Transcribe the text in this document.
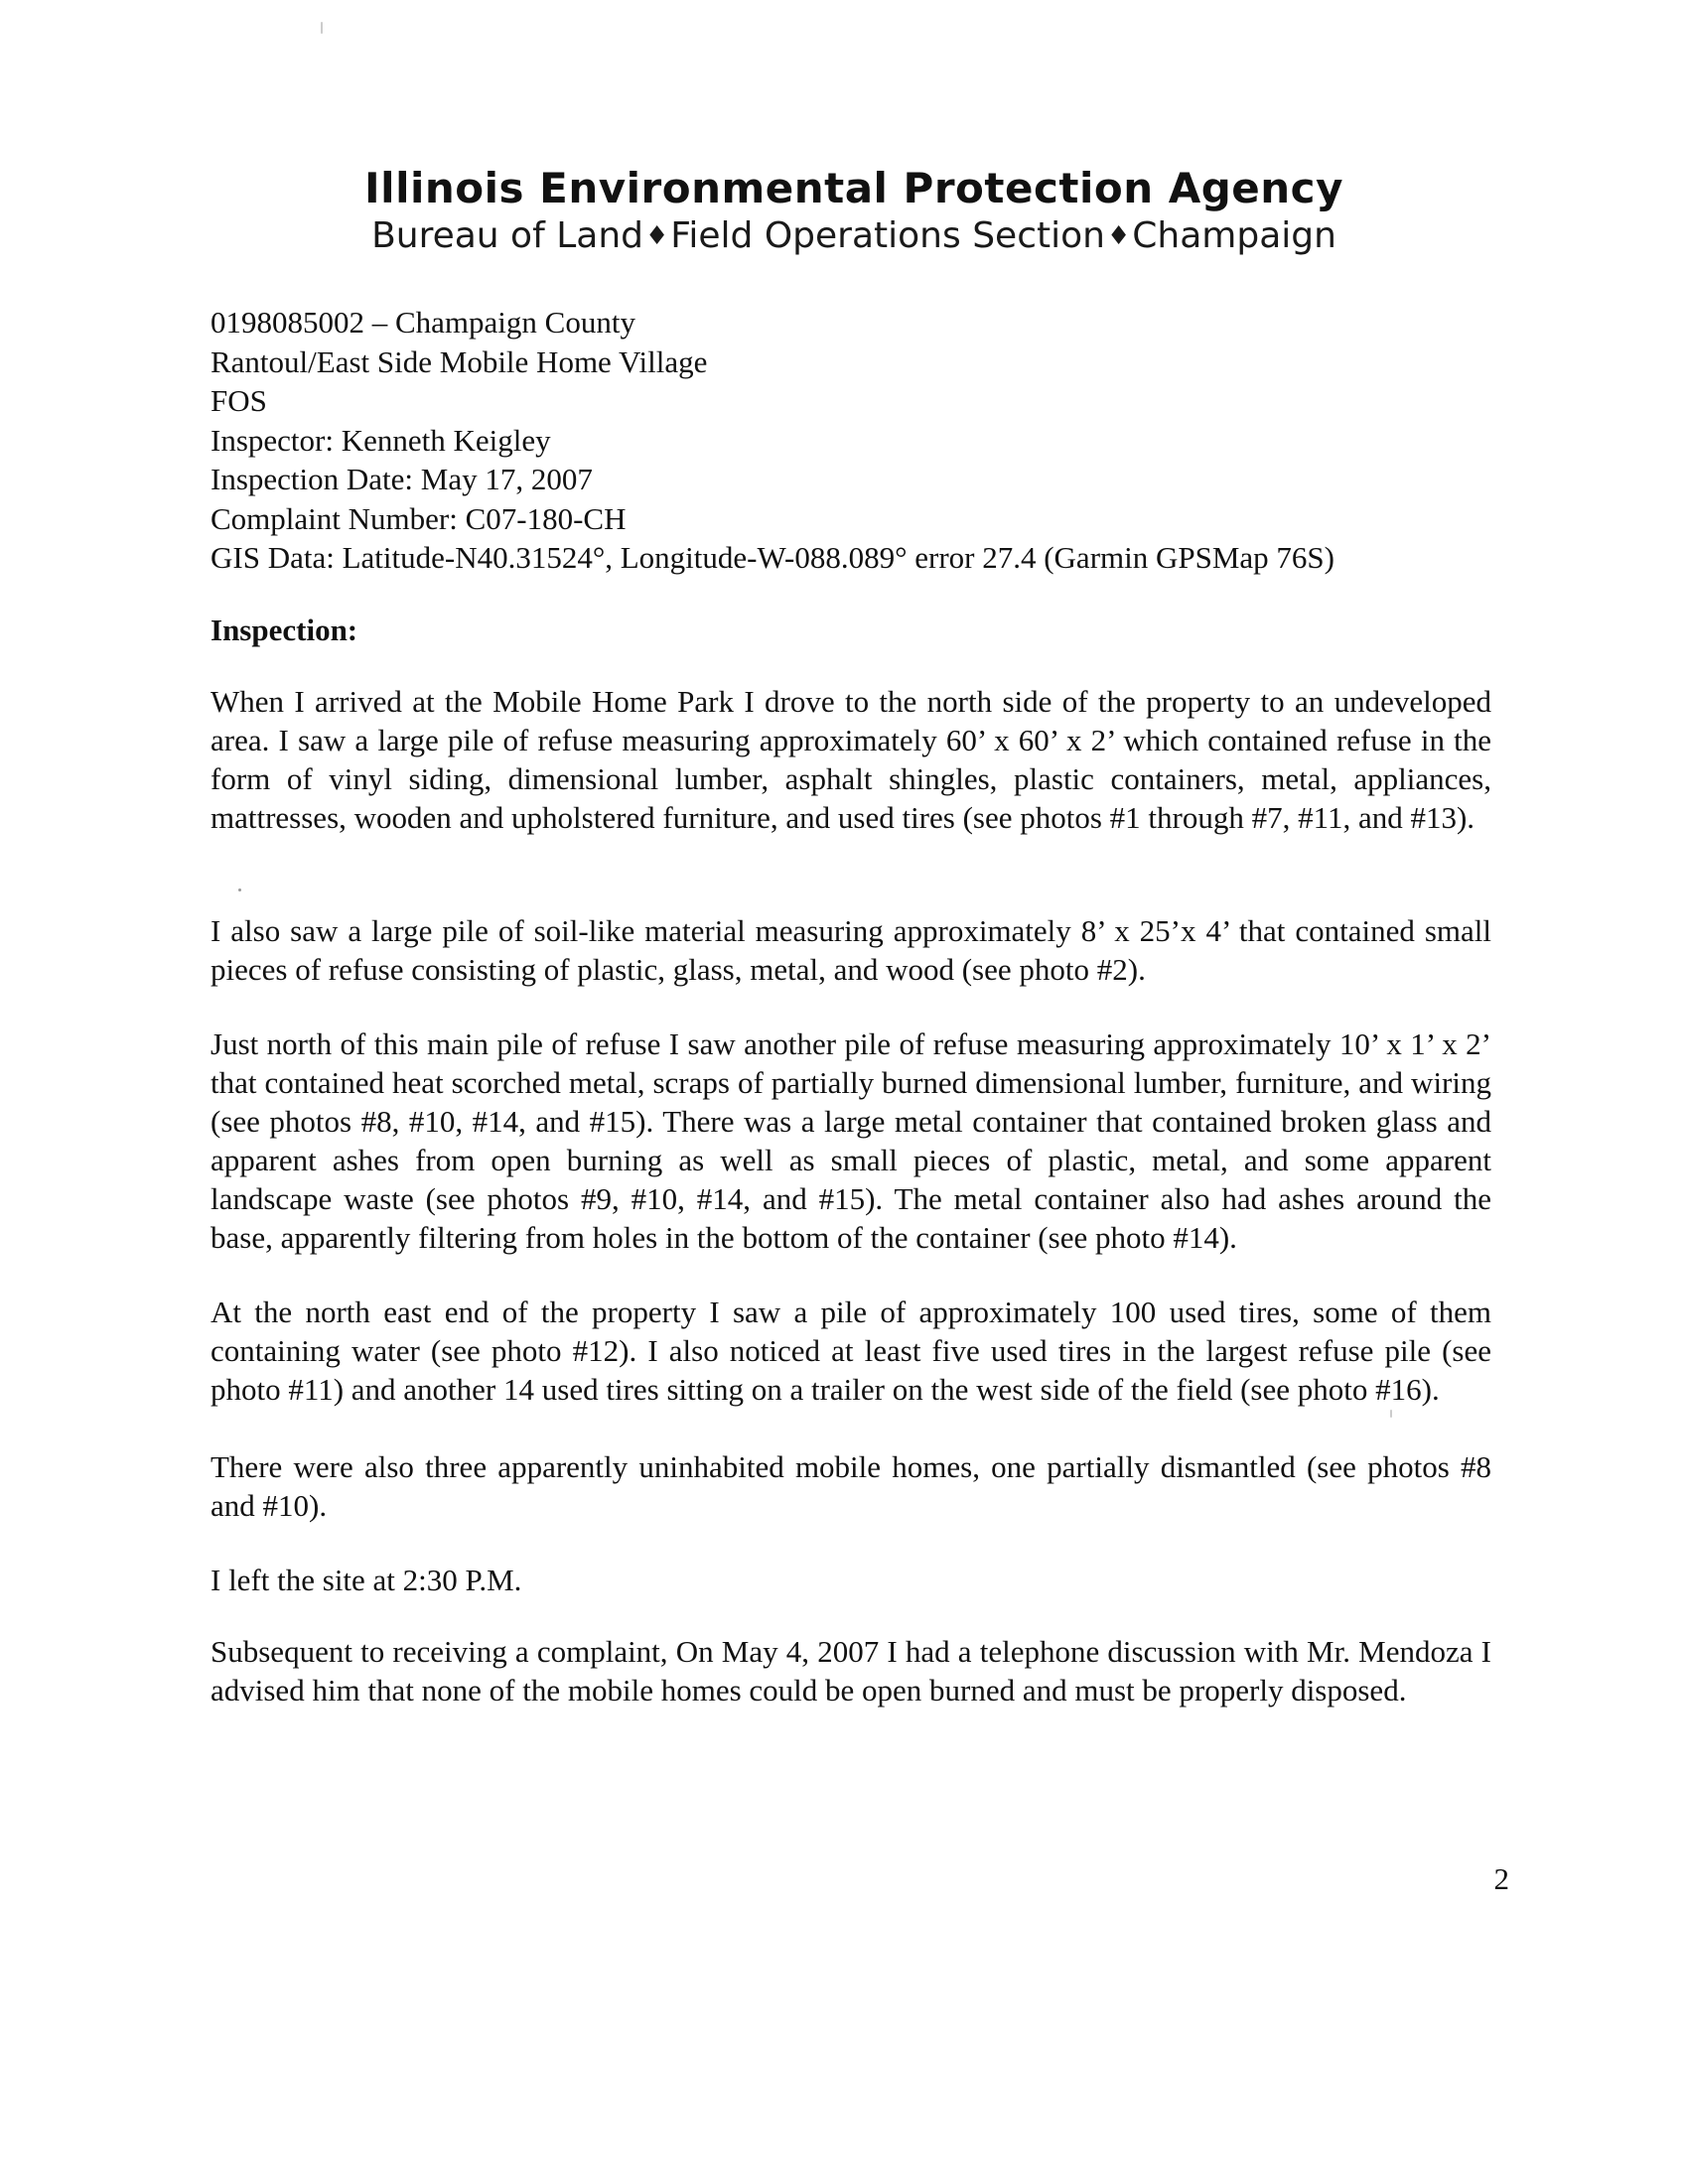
Illinois Environmental Protection Agency
Bureau of Land♦Field Operations Section♦Champaign
0198085002 – Champaign County
Rantoul/East Side Mobile Home Village
FOS
Inspector: Kenneth Keigley
Inspection Date: May 17, 2007
Complaint Number: C07-180-CH
GIS Data: Latitude-N40.31524°, Longitude-W-088.089° error 27.4 (Garmin GPSMap 76S)
Inspection:

When I arrived at the Mobile Home Park I drove to the north side of the property to an undeveloped area. I saw a large pile of refuse measuring approximately 60’ x 60’ x 2’ which contained refuse in the form of vinyl siding, dimensional lumber, asphalt shingles, plastic containers, metal, appliances, mattresses, wooden and upholstered furniture, and used tires (see photos #1 through #7, #11, and #13).

I also saw a large pile of soil-like material measuring approximately 8’ x 25’x 4’ that contained small pieces of refuse consisting of plastic, glass, metal, and wood (see photo #2).

Just north of this main pile of refuse I saw another pile of refuse measuring approximately 10’ x 1’ x 2’ that contained heat scorched metal, scraps of partially burned dimensional lumber, furniture, and wiring (see photos #8, #10, #14, and #15). There was a large metal container that contained broken glass and apparent ashes from open burning as well as small pieces of plastic, metal, and some apparent landscape waste (see photos #9, #10, #14, and #15). The metal container also had ashes around the base, apparently filtering from holes in the bottom of the container (see photo #14).

At the north east end of the property I saw a pile of approximately 100 used tires, some of them containing water (see photo #12). I also noticed at least five used tires in the largest refuse pile (see photo #11) and another 14 used tires sitting on a trailer on the west side of the field (see photo #16).

There were also three apparently uninhabited mobile homes, one partially dismantled (see photos #8 and #10).

I left the site at 2:30 P.M.

Subsequent to receiving a complaint, On May 4, 2007 I had a telephone discussion with Mr. Mendoza I advised him that none of the mobile homes could be open burned and must be properly disposed.

2
